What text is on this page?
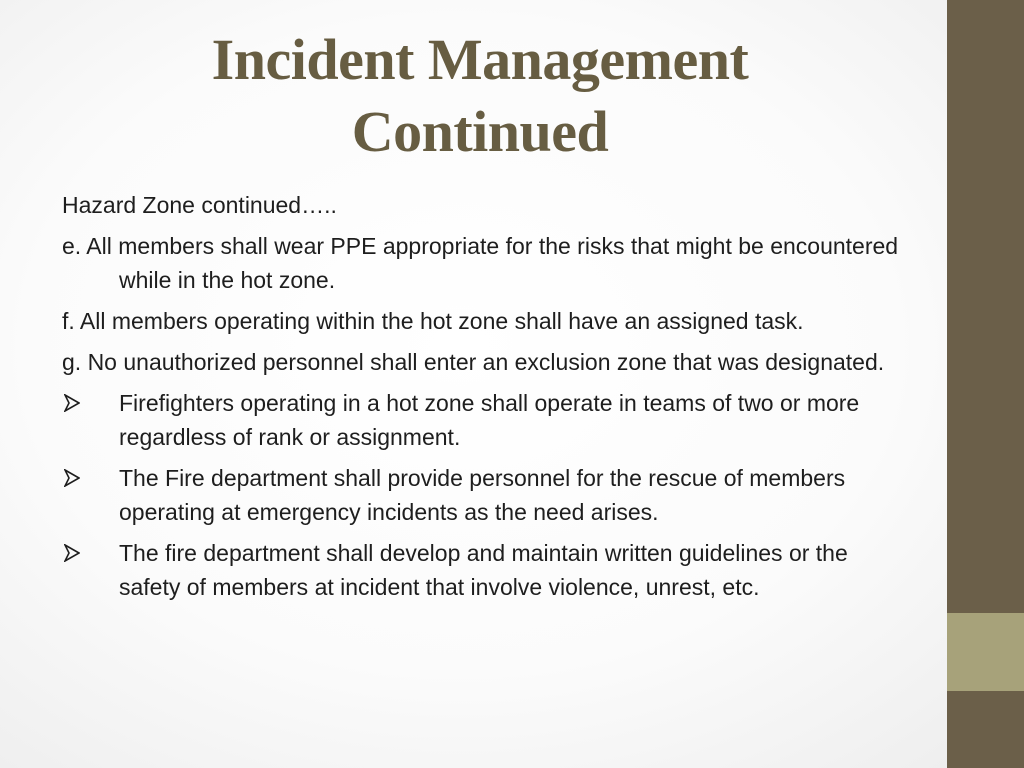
Incident Management
Continued

Hazard Zone continued…..

e. All members shall wear PPE appropriate for the risks that might be encountered while in the hot zone.

f. All members operating within the hot zone shall have an assigned task.

g. No unauthorized personnel shall enter an exclusion zone that was designated.

Firefighters operating in a hot zone shall operate in teams of two or more regardless of rank or assignment.
The Fire department shall provide personnel for the rescue of members operating at emergency incidents as the need arises.
The fire department shall develop and maintain written guidelines or the safety of members at incident that involve violence, unrest, etc.
